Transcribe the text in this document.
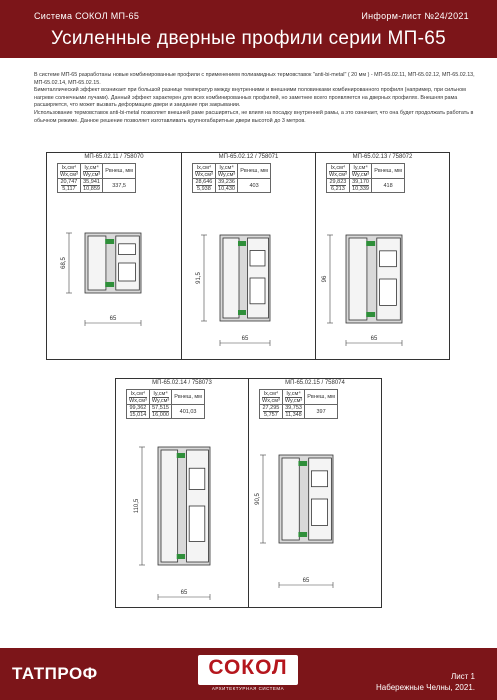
Система СОКОЛ МП-65	Информ-лист №24/2021
Усиленные дверные профили серии МП-65

В системе МП-65 разработаны новые комбинированные профили с применением полиамидных термовставок "anti-bi-metal" ( 20 мм ) - МП-65.02.11, МП-65.02.12, МП-65.02.13, МП-65.02.14, МП-65.02.15.

Биметаллический эффект возникает при большой разнице температур между внутренними и внешними половинками комбинированного профиля (например, при сильном нагреве солнечными лучами). Данный эффект характерен для всех комбинированных профилей, но заметнее всего проявляется на дверных профилях. Внешняя рама расширяется, что может вызвать деформацию двери и заедание при закрывании.

Использование термовставок anti-bi-metal позволяет внешней раме расширяться, не влияя на посадку внутренней рамы, а это означает, что она будет продолжать работать в обычном режиме. Данное решение позволяет изготавливать крупногабаритные двери высотой до 3 метров.

МП-65.02.11 / 758070
$\frac{\text{Ix,см⁴}}{\text{Wx,см³}}$	$\frac{\text{Iy,см⁴}}{\text{Wy,см³}}$	Pвнеш, мм

$\frac{20,747}{5,117}$	$\frac{35,941}{10,859}$	337,5
68,5
65
МП-65.02.12 / 758071
$\frac{\text{Ix,см⁴}}{\text{Wx,см³}}$	$\frac{\text{Iy,см⁴}}{\text{Wy,см³}}$	Pвнеш, мм

$\frac{28,646}{5,938}$	$\frac{39,236}{10,430}$	403
91,5
65
МП-65.02.13 / 758072
$\frac{\text{Ix,см⁴}}{\text{Wx,см³}}$	$\frac{\text{Iy,см⁴}}{\text{Wy,см³}}$	Pвнеш, мм

$\frac{29,823}{6,213}$	$\frac{39,170}{10,339}$	418
96
65
МП-65.02.14 / 758073
$\frac{\text{Ix,см⁴}}{\text{Wx,см³}}$	$\frac{\text{Iy,см⁴}}{\text{Wy,см³}}$	Pвнеш, мм

$\frac{99,362}{15,014}$	$\frac{57,515}{16,000}$	401,03
110,5
65
МП-65.02.15 / 758074
$\frac{\text{Ix,см⁴}}{\text{Wx,см³}}$	$\frac{\text{Iy,см⁴}}{\text{Wy,см³}}$	Pвнеш, мм

$\frac{27,295}{5,757}$	$\frac{39,753}{11,348}$	397
90,5
65
ТАТПРОФ	СОКОЛ
АРХИТЕКТУРНАЯ СИСТЕМА
Лист 1
Набережные Челны, 2021.
